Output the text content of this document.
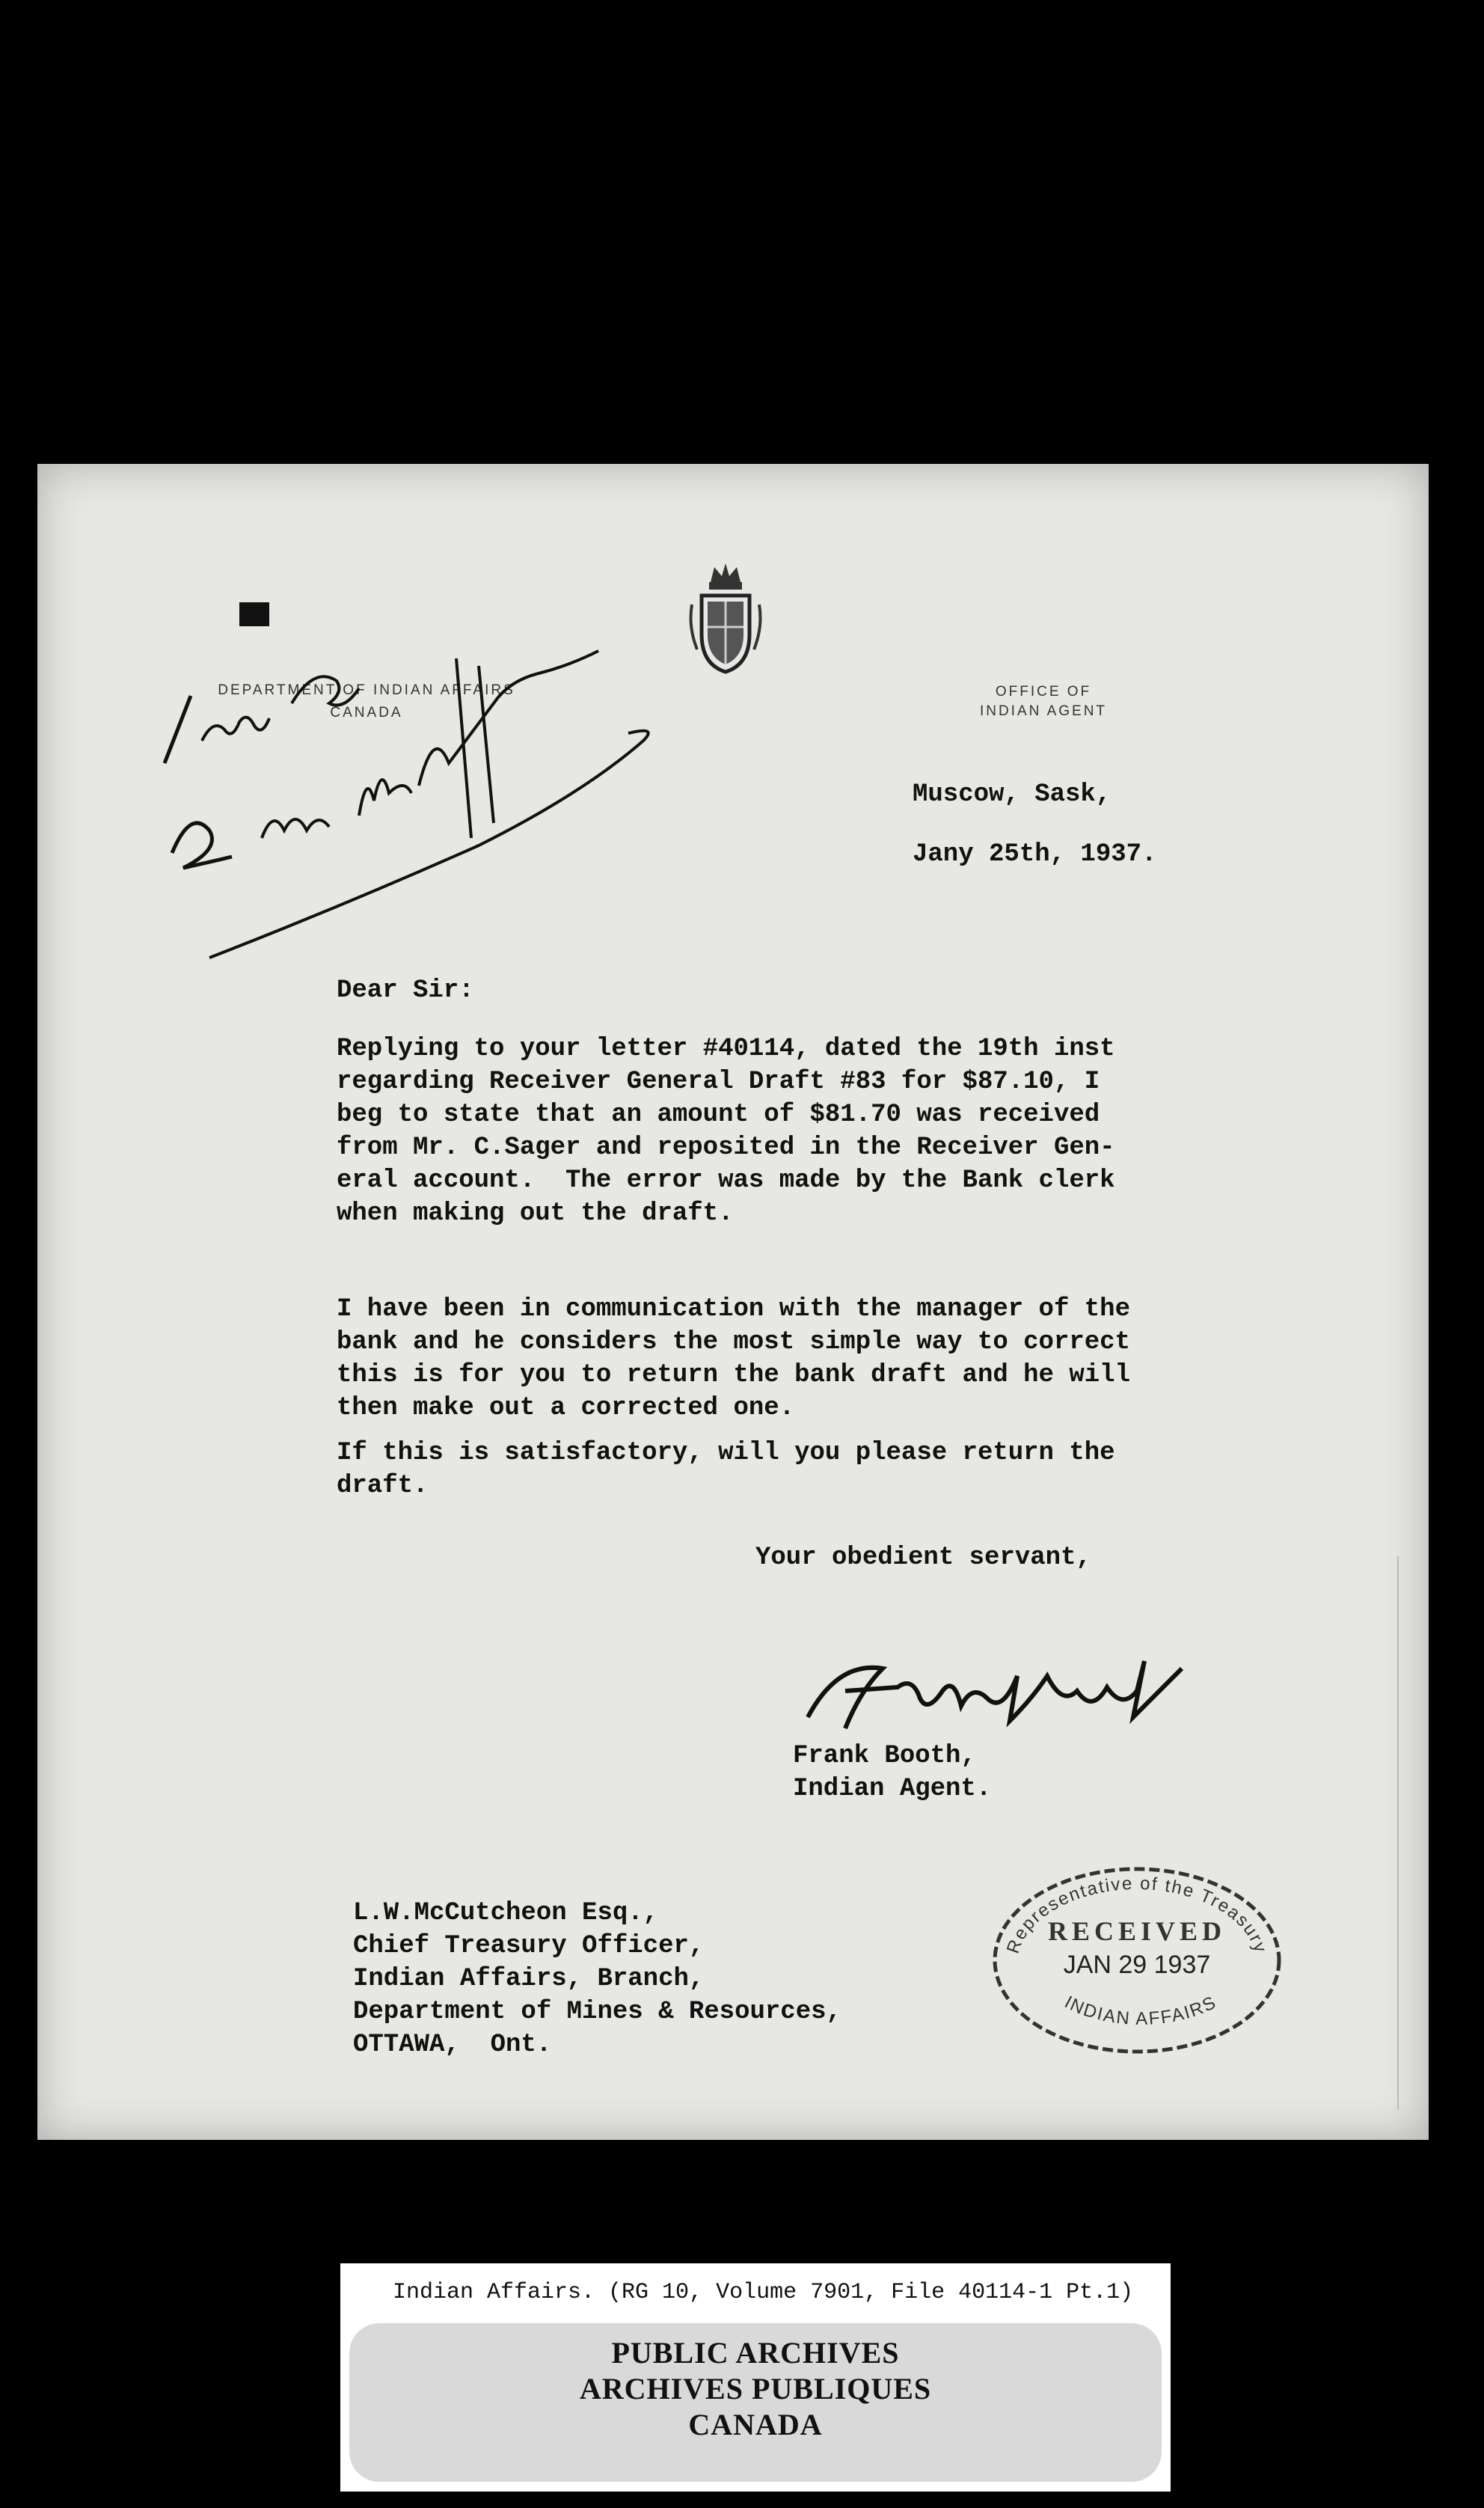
DEPARTMENT OF INDIAN AFFAIRS
CANADA
OFFICE OF
INDIAN AGENT
Muscow, Sask,
Jany 25th, 1937.
Dear Sir:
Replying to your letter #40114, dated the 19th inst
regarding Receiver General Draft #83 for $87.10, I
beg to state that an amount of $81.70 was received
from Mr. C.Sager and reposited in the Receiver Gen-
eral account.  The error was made by the Bank clerk
when making out the draft.
I have been in communication with the manager of the
bank and he considers the most simple way to correct
this is for you to return the bank draft and he will
then make out a corrected one.
If this is satisfactory, will you please return the
draft.
Your obedient servant,
Frank Booth,
Indian Agent.
L.W.McCutcheon Esq.,
Chief Treasury Officer,
Indian Affairs, Branch,
Department of Mines & Resources,
OTTAWA,  Ont.
Representative of the Treasury
RECEIVED
INDIAN AFFAIRS
JAN 29 1937
Indian Affairs. (RG 10, Volume 7901, File 40114-1 Pt.1)
PUBLIC ARCHIVES
ARCHIVES PUBLIQUES
CANADA
